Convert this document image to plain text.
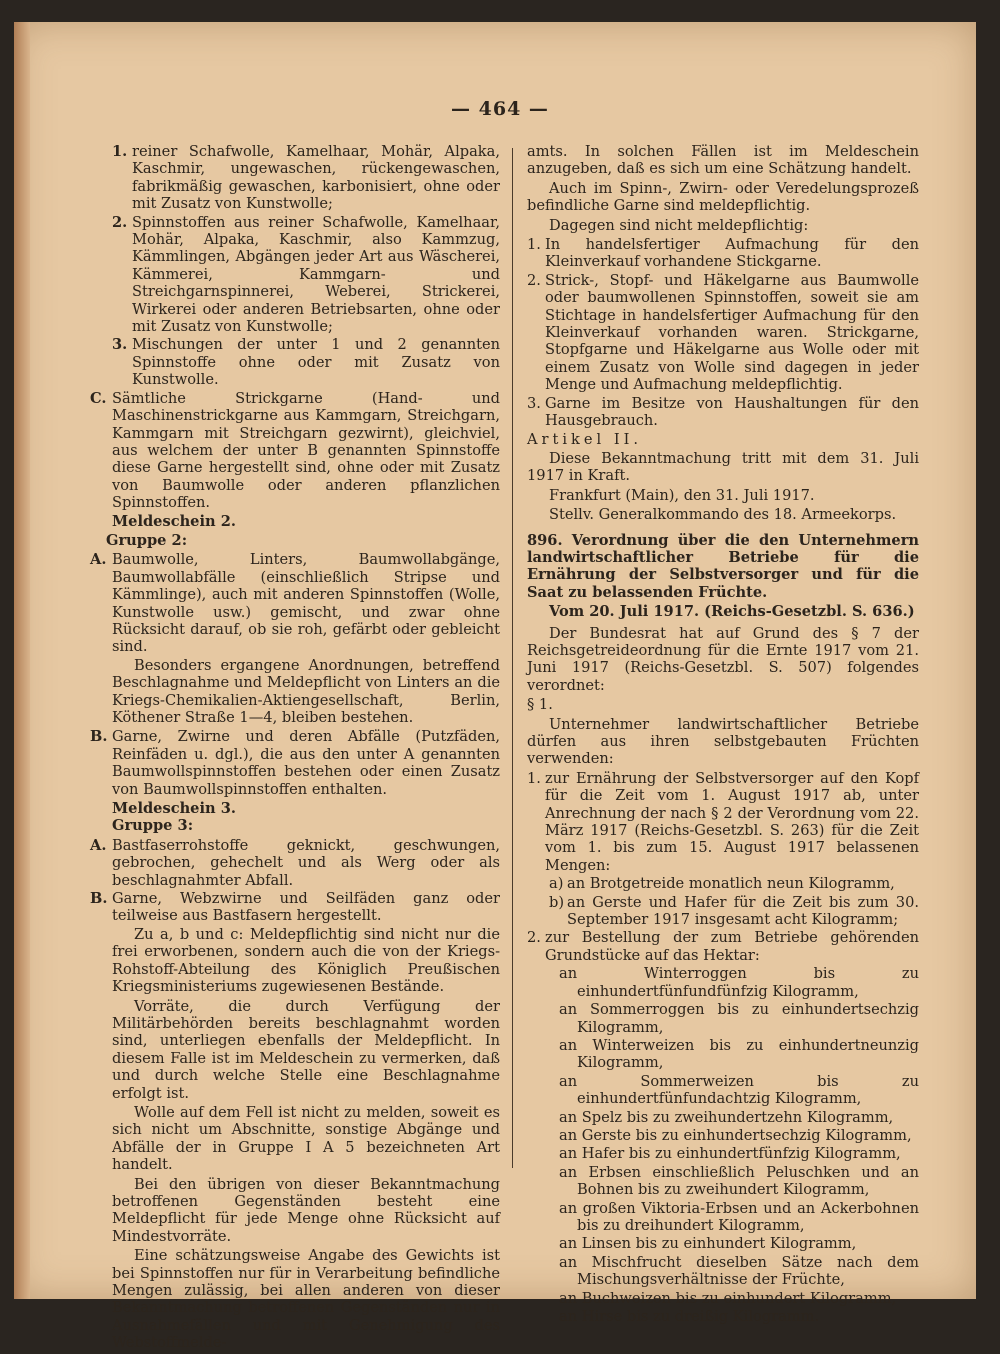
— 464 —
1. reiner Schafwolle, Kamelhaar, Mohär, Alpaka, Kaschmir, ungewaschen, rückengewaschen, fabrikmäßig gewaschen, karbonisiert, ohne oder mit Zusatz von Kunstwolle;
2. Spinnstoffen aus reiner Schafwolle, Kamelhaar, Mohär, Alpaka, Kaschmir, also Kammzug, Kämmlingen, Abgängen jeder Art aus Wäscherei, Kämmerei, Kammgarn- und Streichgarnspinnerei, Weberei, Strickerei, Wirkerei oder anderen Betriebsarten, ohne oder mit Zusatz von Kunstwolle;
3. Mischungen der unter 1 und 2 genannten Spinnstoffe ohne oder mit Zusatz von Kunstwolle.
C. Sämtliche Strickgarne (Hand- und Maschinenstrickgarne aus Kammgarn, Streichgarn, Kammgarn mit Streichgarn gezwirnt), gleichviel, aus welchem der unter B genannten Spinnstoffe diese Garne hergestellt sind, ohne oder mit Zusatz von Baumwolle oder anderen pflanzlichen Spinnstoffen.

Meldeschein 2.

Gruppe 2:

A. Baumwolle, Linters, Baumwollabgänge, Baumwollabfälle (einschließlich Stripse und Kämmlinge), auch mit anderen Spinnstoffen (Wolle, Kunstwolle usw.) gemischt, und zwar ohne Rücksicht darauf, ob sie roh, gefärbt oder gebleicht sind.

Besonders ergangene Anordnungen, betreffend Beschlagnahme und Meldepflicht von Linters an die Kriegs-Chemikalien-Aktiengesellschaft, Berlin, Köthener Straße 1—4, bleiben bestehen.

B. Garne, Zwirne und deren Abfälle (Putzfäden, Reinfäden u. dgl.), die aus den unter A genannten Baumwollspinnstoffen bestehen oder einen Zusatz von Baumwollspinnstoffen enthalten.

Meldeschein 3.

Gruppe 3:

A. Bastfaserrohstoffe geknickt, geschwungen, gebrochen, gehechelt und als Werg oder als beschlagnahmter Abfall.
B. Garne, Webzwirne und Seilfäden ganz oder teilweise aus Bastfasern hergestellt.

Zu a, b und c: Meldepflichtig sind nicht nur die frei erworbenen, sondern auch die von der Kriegs-Rohstoff-Abteilung des Königlich Preußischen Kriegsministeriums zugewiesenen Bestände.

Vorräte, die durch Verfügung der Militärbehörden bereits beschlagnahmt worden sind, unterliegen ebenfalls der Meldepflicht. In diesem Falle ist im Meldeschein zu vermerken, daß und durch welche Stelle eine Beschlagnahme erfolgt ist.

Wolle auf dem Fell ist nicht zu melden, soweit es sich nicht um Abschnitte, sonstige Abgänge und Abfälle der in Gruppe I A 5 bezeichneten Art handelt.

Bei den übrigen von dieser Bekanntmachung betroffenen Gegenständen besteht eine Meldepflicht für jede Menge ohne Rücksicht auf Mindestvorräte.

Eine schätzungsweise Angabe des Gewichts ist bei Spinnstoffen nur für in Verarbeitung befindliche Mengen zulässig, bei allen anderen von dieser Bekanntmachung betroffenen Gegenständen nur in Ausnahmefällen und mit Genehmigung des Webstoffmelde-

amts. In solchen Fällen ist im Meldeschein anzugeben, daß es sich um eine Schätzung handelt.

Auch im Spinn-, Zwirn- oder Veredelungsprozeß befindliche Garne sind meldepflichtig.

Dagegen sind nicht meldepflichtig:

1. In handelsfertiger Aufmachung für den Kleinverkauf vorhandene Stickgarne.
2. Strick-, Stopf- und Häkelgarne aus Baumwolle oder baumwollenen Spinnstoffen, soweit sie am Stichtage in handelsfertiger Aufmachung für den Kleinverkauf vorhanden waren. Strickgarne, Stopfgarne und Häkelgarne aus Wolle oder mit einem Zusatz von Wolle sind dagegen in jeder Menge und Aufmachung meldepflichtig.
3. Garne im Besitze von Haushaltungen für den Hausgebrauch.

Artikel II.

Diese Bekanntmachung tritt mit dem 31. Juli 1917 in Kraft.

Frankfurt (Main), den 31. Juli 1917.

Stellv. Generalkommando des 18. Armeekorps.

896. Verordnung über die den Unternehmern landwirtschaftlicher Betriebe für die Ernährung der Selbstversorger und für die Saat zu belassenden Früchte.

Vom 20. Juli 1917. (Reichs-Gesetzbl. S. 636.)

Der Bundesrat hat auf Grund des § 7 der Reichsgetreideordnung für die Ernte 1917 vom 21. Juni 1917 (Reichs-Gesetzbl. S. 507) folgendes verordnet:

§ 1.

Unternehmer landwirtschaftlicher Betriebe dürfen aus ihren selbstgebauten Früchten verwenden:

1. zur Ernährung der Selbstversorger auf den Kopf für die Zeit vom 1. August 1917 ab, unter Anrechnung der nach § 2 der Verordnung vom 22. März 1917 (Reichs-Gesetzbl. S. 263) für die Zeit vom 1. bis zum 15. August 1917 belassenen Mengen:
a) an Brotgetreide monatlich neun Kilogramm,
b) an Gerste und Hafer für die Zeit bis zum 30. September 1917 insgesamt acht Kilogramm;
2. zur Bestellung der zum Betriebe gehörenden Grundstücke auf das Hektar:
an Winterroggen bis zu einhundertfünfundfünfzig Kilogramm,
an Sommerroggen bis zu einhundertsechzig Kilogramm,
an Winterweizen bis zu einhundertneunzig Kilogramm,
an Sommerweizen bis zu einhundertfünfundachtzig Kilogramm,
an Spelz bis zu zweihundertzehn Kilogramm,
an Gerste bis zu einhundertsechzig Kilogramm,
an Hafer bis zu einhundertfünfzig Kilogramm,
an Erbsen einschließlich Peluschken und an Bohnen bis zu zweihundert Kilogramm,
an großen Viktoria-Erbsen und an Ackerbohnen bis zu dreihundert Kilogramm,
an Linsen bis zu einhundert Kilogramm,
an Mischfrucht dieselben Sätze nach dem Mischungsverhältnisse der Früchte,
an Buchweizen bis zu einhundert Kilogramm,
an Hirse bis zu dreißig Kilogramm.
